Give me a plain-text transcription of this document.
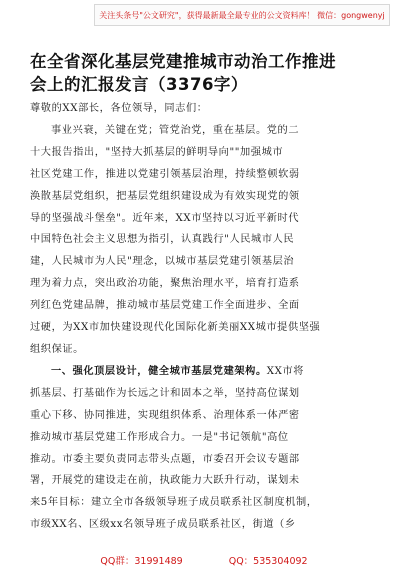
关注头条号"公文研究"，获得最新最全最专业的公文资料库！ 微信：gongwenyj
在全省深化基层党建推城市动治工作推进
会上的汇报发言（3376字）
尊敬的XX部长，各位领导，同志们：
事业兴衰，关键在党；管党治党，重在基层。党的二
十大报告指出，"坚持大抓基层的鲜明导向""加强城市
社区党建工作，推进以党建引领基层治理，持续整顿软弱
涣散基层党组织，把基层党组织建设成为有效实现党的领
导的坚强战斗堡垒"。近年来，XX市坚持以习近平新时代
中国特色社会主义思想为指引，认真践行"人民城市人民
建，人民城市为人民"理念，以城市基层党建引领基层治
理为着力点，突出政治功能，聚焦治理水平，培育打造系
列红色党建品牌，推动城市基层党建工作全面进步、全面
过硬，为XX市加快建设现代化国际化新美丽XX城市提供坚强
组织保证。
一、强化顶层设计，健全城市基层党建架构。XX市将
抓基层、打基础作为长远之计和固本之举，坚持高位谋划
重心下移、协同推进，实现组织体系、治理体系一体严密
推动城市基层党建工作形成合力。一是"书记领航"高位
推动。市委主要负责同志带头点题，市委召开会议专题部
署，开展党的建设走在前，执政能力大跃升行动，谋划未
来5年目标：建立全市各级领导班子成员联系社区制度机制，
市级XX名、区级xx名领导班子成员联系社区，街道（乡
QQ群：31991489	QQ：535304092
